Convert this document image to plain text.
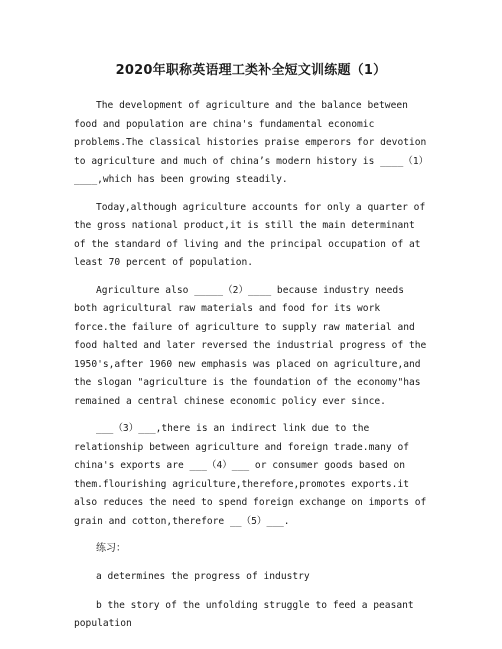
2020年职称英语理工类补全短文训练题（1）
The development of agriculture and the balance between
food and population are china's fundamental economic
problems.The classical histories praise emperors for devotion
to agriculture and much of china’s modern history is ____（1）
____,which has been growing steadily.
Today,although agriculture accounts for only a quarter of
the gross national product,it is still the main determinant
of the standard of living and the principal occupation of at
least 70 percent of population.
Agriculture also _____（2）____ because industry needs
both agricultural raw materials and food for its work
force.the failure of agriculture to supply raw material and
food halted and later reversed the industrial progress of the
1950's,after 1960 new emphasis was placed on agriculture,and
the slogan "agriculture is the foundation of the economy"has
remained a central chinese economic policy ever since.
___（3）___,there is an indirect link due to the
relationship between agriculture and foreign trade.many of
china's exports are ___（4）___ or consumer goods based on
them.flourishing agriculture,therefore,promotes exports.it
also reduces the need to spend foreign exchange on imports of
grain and cotton,therefore __（5）___.
练习：
a determines the progress of industry
b the story of the unfolding struggle to feed a peasant
population
